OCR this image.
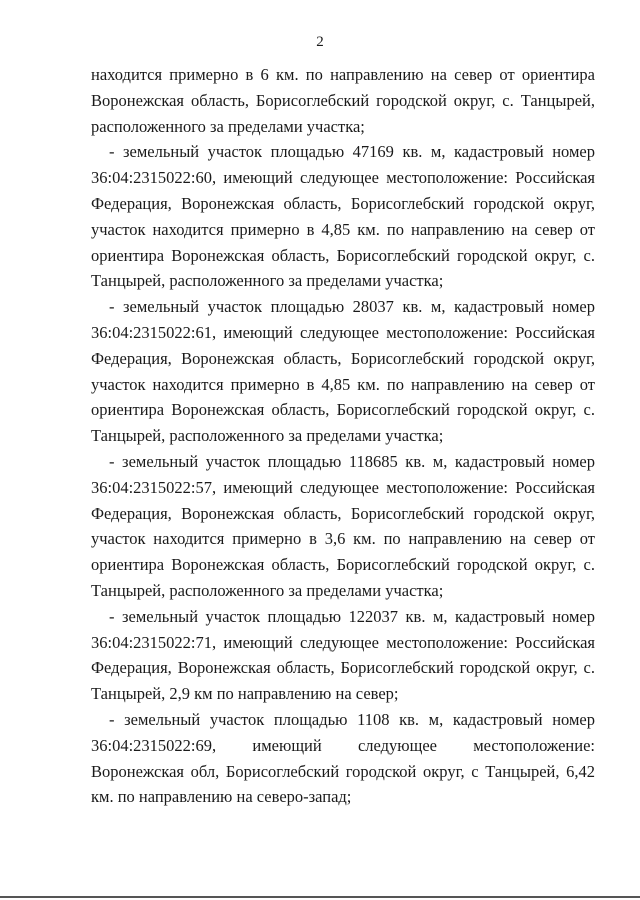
2

находится примерно в 6 км. по направлению на север от ориентира Воронежская область, Борисоглебский городской округ, с. Танцырей, расположенного за пределами участка;

- земельный участок площадью 47169 кв. м, кадастровый номер 36:04:2315022:60, имеющий следующее местоположение: Российская Федерация, Воронежская область, Борисоглебский городской округ, участок находится примерно в 4,85 км. по направлению на север от ориентира Воронежская область, Борисоглебский городской округ, с. Танцырей, расположенного за пределами участка;

- земельный участок площадью 28037 кв. м, кадастровый номер 36:04:2315022:61, имеющий следующее местоположение: Российская Федерация, Воронежская область, Борисоглебский городской округ, участок находится примерно в 4,85 км. по направлению на север от ориентира Воронежская область, Борисоглебский городской округ, с. Танцырей, расположенного за пределами участка;

- земельный участок площадью 118685 кв. м, кадастровый номер 36:04:2315022:57, имеющий следующее местоположение: Российская Федерация, Воронежская область, Борисоглебский городской округ, участок находится примерно в 3,6 км. по направлению на север от ориентира Воронежская область, Борисоглебский городской округ, с. Танцырей, расположенного за пределами участка;

- земельный участок площадью 122037 кв. м, кадастровый номер 36:04:2315022:71, имеющий следующее местоположение: Российская Федерация, Воронежская область, Борисоглебский городской округ, с. Танцырей, 2,9 км по направлению на север;

- земельный участок площадью 1108 кв. м, кадастровый номер 36:04:2315022:69, имеющий следующее местоположение: Воронежская обл, Борисоглебский городской округ, с Танцырей, 6,42 км. по направлению на северо-запад;
